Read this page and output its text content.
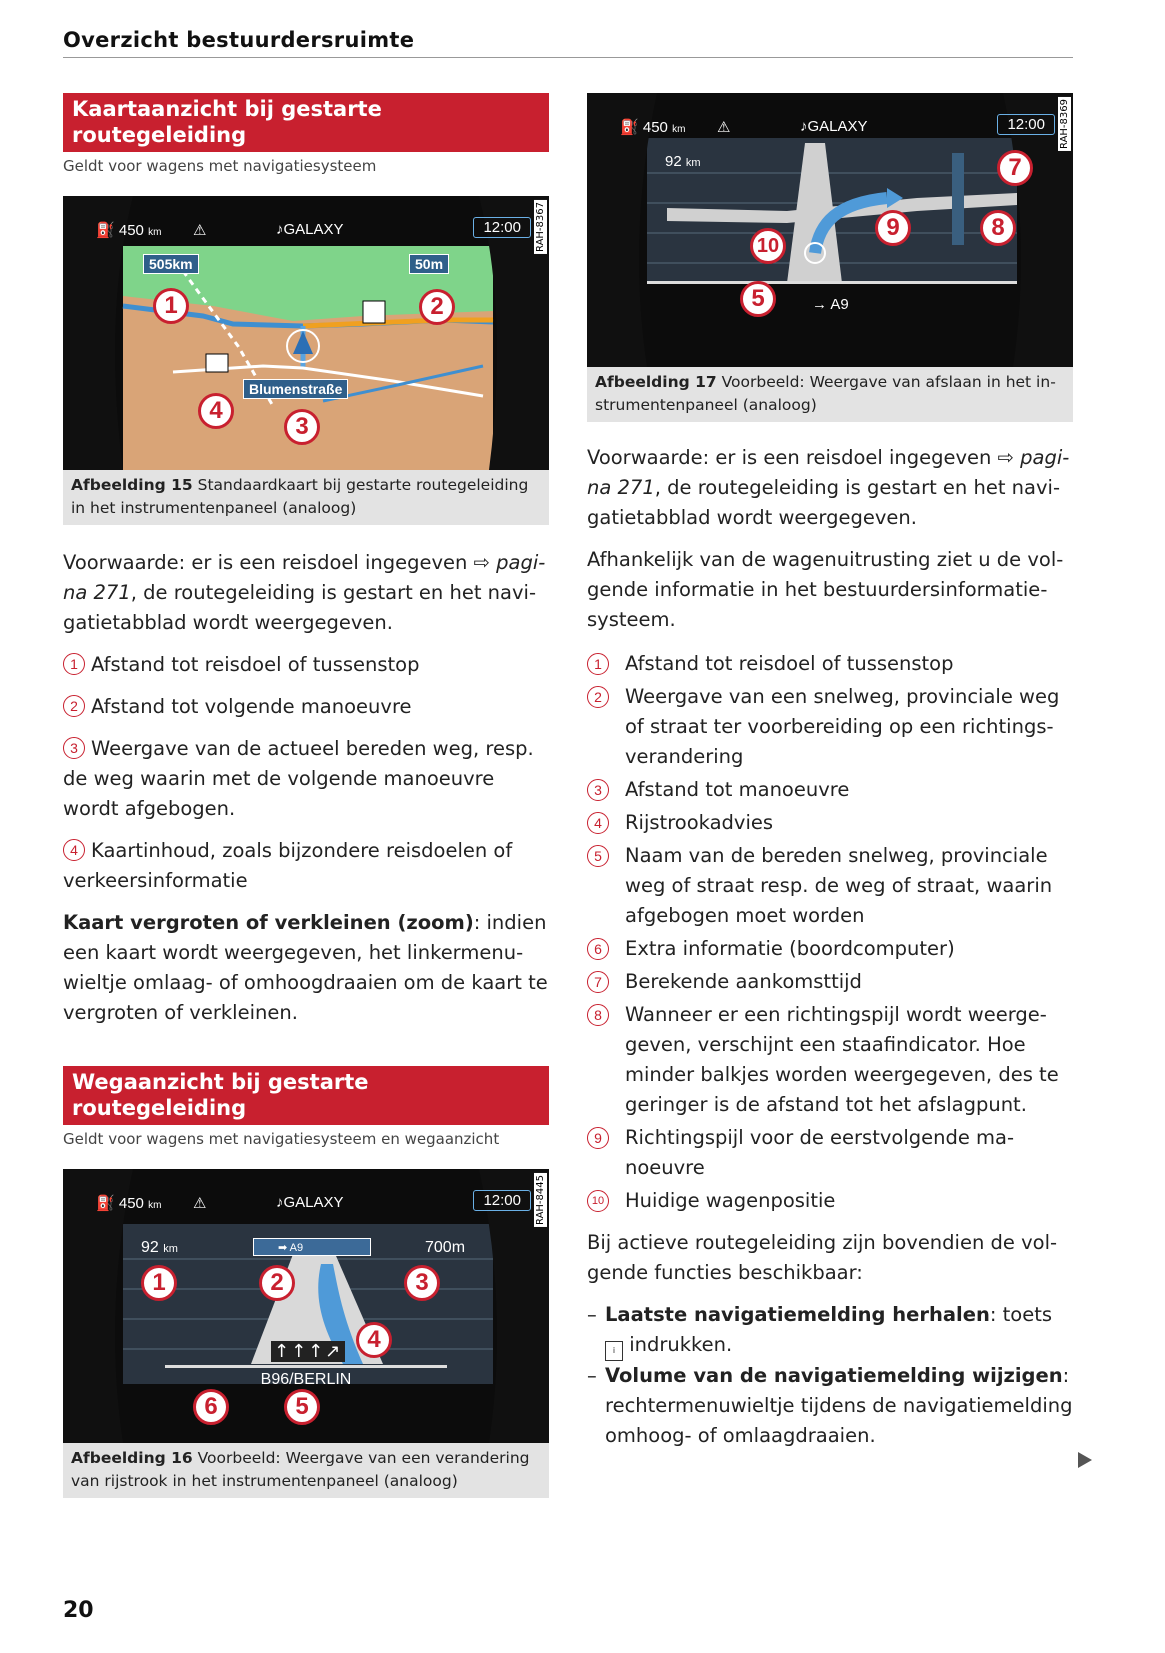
Overzicht bestuurdersruimte
Kaartaanzicht bij gestarte routegeleiding
Geldt voor wagens met navigatiesysteem
⛽ 450 km ⚠	♪GALAXY	12:00
505km	50m
Blumenstraße
RAH-8367
1	2
3
4
Afbeelding 15 Standaardkaart bij gestarte routegeleiding in het instrumentenpaneel (analoog)

Voorwaarde: er is een reisdoel ingegeven ⇨ pagina 271, de routegeleiding is gestart en het navigatietabblad wordt weergegeven.

1 Afstand tot reisdoel of tussenstop
2 Afstand tot volgende manoeuvre
3 Weergave van de actueel bereden weg, resp. de weg waarin met de volgende manoeuvre wordt afgebogen.
4 Kaartinhoud, zoals bijzondere reisdoelen of verkeersinformatie

Kaart vergroten of verkleinen (zoom): indien een kaart wordt weergegeven, het linkermenuwieltje omlaag- of omhoogdraaien om de kaart te vergroten of verkleinen.

Wegaanzicht bij gestarte routegeleiding
Geldt voor wagens met navigatiesysteem en wegaanzicht
⛽ 450 km ⚠	♪GALAXY	12:00
92 km	700m
➡ A9
B96/BERLIN
↑↑↑↗
RAH-8445
1	2	3
4
5
6
Afbeelding 16 Voorbeeld: Weergave van een verandering van rijstrook in het instrumentenpaneel (analoog)
⛽ 450 km ⚠	♪GALAXY	12:00
92 km
→ A9
RAH-8369
5
7
8
9
10
Afbeelding 17 Voorbeeld: Weergave van afslaan in het instrumentenpaneel (analoog)

Voorwaarde: er is een reisdoel ingegeven ⇨ pagina 271, de routegeleiding is gestart en het navigatietabblad wordt weergegeven.

Afhankelijk van de wagenuitrusting ziet u de volgende informatie in het bestuurdersinformatiesysteem.

1	Afstand tot reisdoel of tussenstop
2	Weergave van een snelweg, provinciale weg of straat ter voorbereiding op een richtingsverandering
3	Afstand tot manoeuvre
4	Rijstrookadvies
5	Naam van de bereden snelweg, provinciale weg of straat resp. de weg of straat, waarin afgebogen moet worden
6	Extra informatie (boordcomputer)
7	Berekende aankomsttijd
8	Wanneer er een richtingspijl wordt weergegeven, verschijnt een staafindicator. Hoe minder balkjes worden weergegeven, des te geringer is de afstand tot het afslagpunt.
9	Richtingspijl voor de eerstvolgende manoeuvre
10 Huidige wagenpositie

Bij actieve routegeleiding zijn bovendien de volgende functies beschikbaar:

– Laatste navigatiemelding herhalen: toets i indrukken.
– Volume van de navigatiemelding wijzigen: rechtermenuwieltje tijdens de navigatiemelding omhoog- of omlaagdraaien.
20
